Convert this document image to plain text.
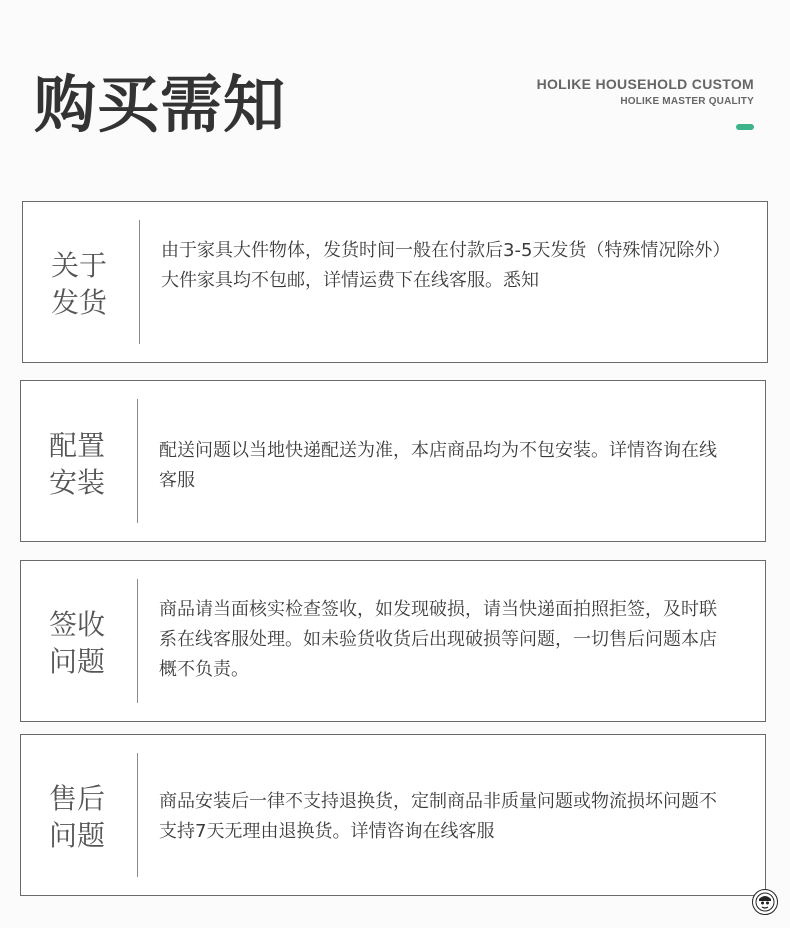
购买需知	HOLIKE HOUSEHOLD CUSTOM
HOLIKE MASTER QUALITY
关于
发货
由于家具大件物体，发货时间一般在付款后3-5天发货（特殊情况除外）大件家具均不包邮，详情运费下在线客服。悉知
配置
安装
配送问题以当地快递配送为准，本店商品均为不包安装。详情咨询在线客服
签收
问题
商品请当面核实检查签收，如发现破损，请当快递面拍照拒签，及时联系在线客服处理。如未验货收货后出现破损等问题，一切售后问题本店概不负责。
售后
问题
商品安装后一律不支持退换货，定制商品非质量问题或物流损坏问题不支持7天无理由退换货。详情咨询在线客服
